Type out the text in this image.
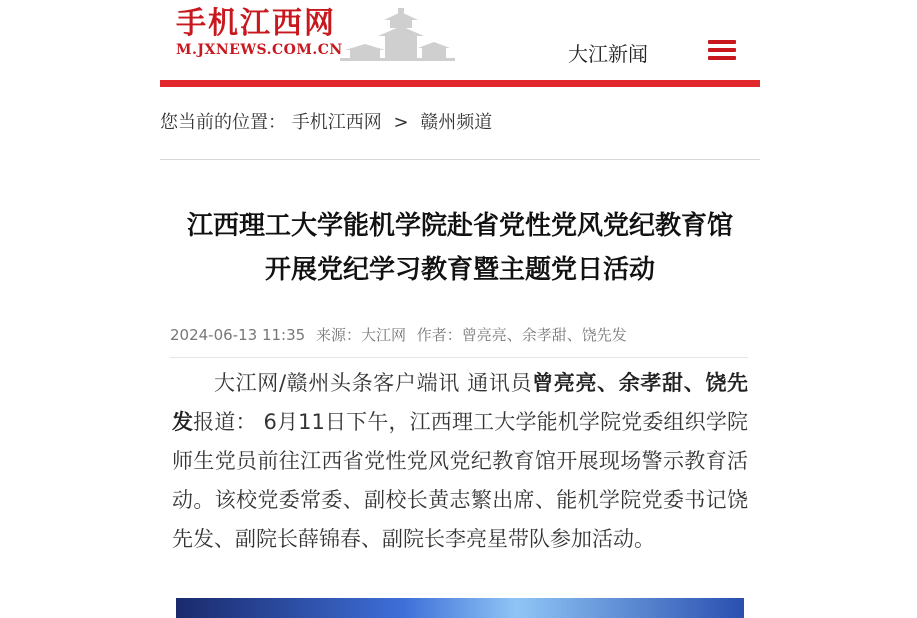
手机江西网
M.JXNEWS.COM.CN	大江新闻
您当前的位置： 手机江西网 > 赣州频道
江西理工大学能机学院赴省党性党风党纪教育馆
开展党纪学习教育暨主题党日活动
2024-06-13 11:35 来源：大江网 作者：曾亮亮、余孝甜、饶先发
大江网/赣州头条客户端讯 通讯员曾亮亮、余孝甜、饶先发报道： 6月11日下午，江西理工大学能机学院党委组织学院师生党员前往江西省党性党风党纪教育馆开展现场警示教育活动。该校党委常委、副校长黄志繁出席、能机学院党委书记饶先发、副院长薛锦春、副院长李亮星带队参加活动。
